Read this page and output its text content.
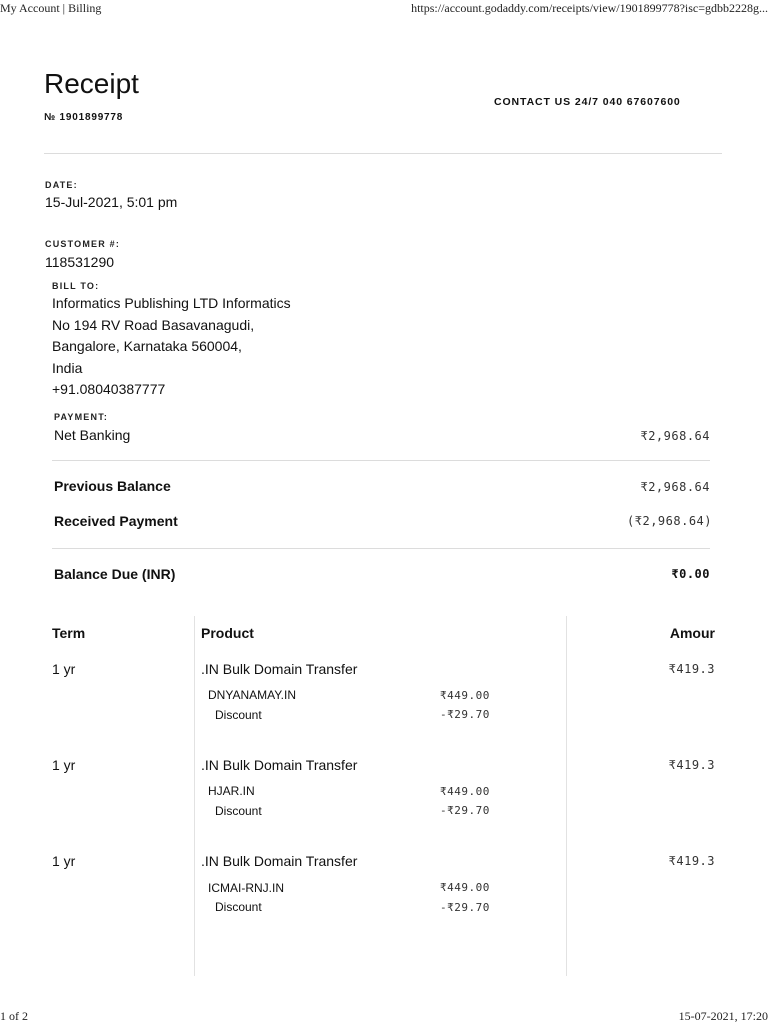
My Account | Billing	https://account.godaddy.com/receipts/view/1901899778?isc=gdbb2228g...
Receipt
№ 1901899778
CONTACT US 24/7 040 67607600
DATE:
15-Jul-2021, 5:01 pm
CUSTOMER #:
118531290
BILL TO:
Informatics Publishing LTD Informatics
No 194 RV Road Basavanagudi,
Bangalore, Karnataka 560004,
India
+91.08040387777
PAYMENT:
Net Banking	₹2,968.64
Previous Balance	₹2,968.64
Received Payment	(₹2,968.64)
Balance Due (INR)	₹0.00
Term	Product	Amour
1 yr	.IN Bulk Domain Transfer	₹419.3
DNYANAMAY.IN	₹449.00
Discount	-₹29.70
1 yr	.IN Bulk Domain Transfer	₹419.3
HJAR.IN	₹449.00
Discount	-₹29.70
1 yr	.IN Bulk Domain Transfer	₹419.3
ICMAI-RNJ.IN	₹449.00
Discount	-₹29.70
1 of 2	15-07-2021, 17:20
